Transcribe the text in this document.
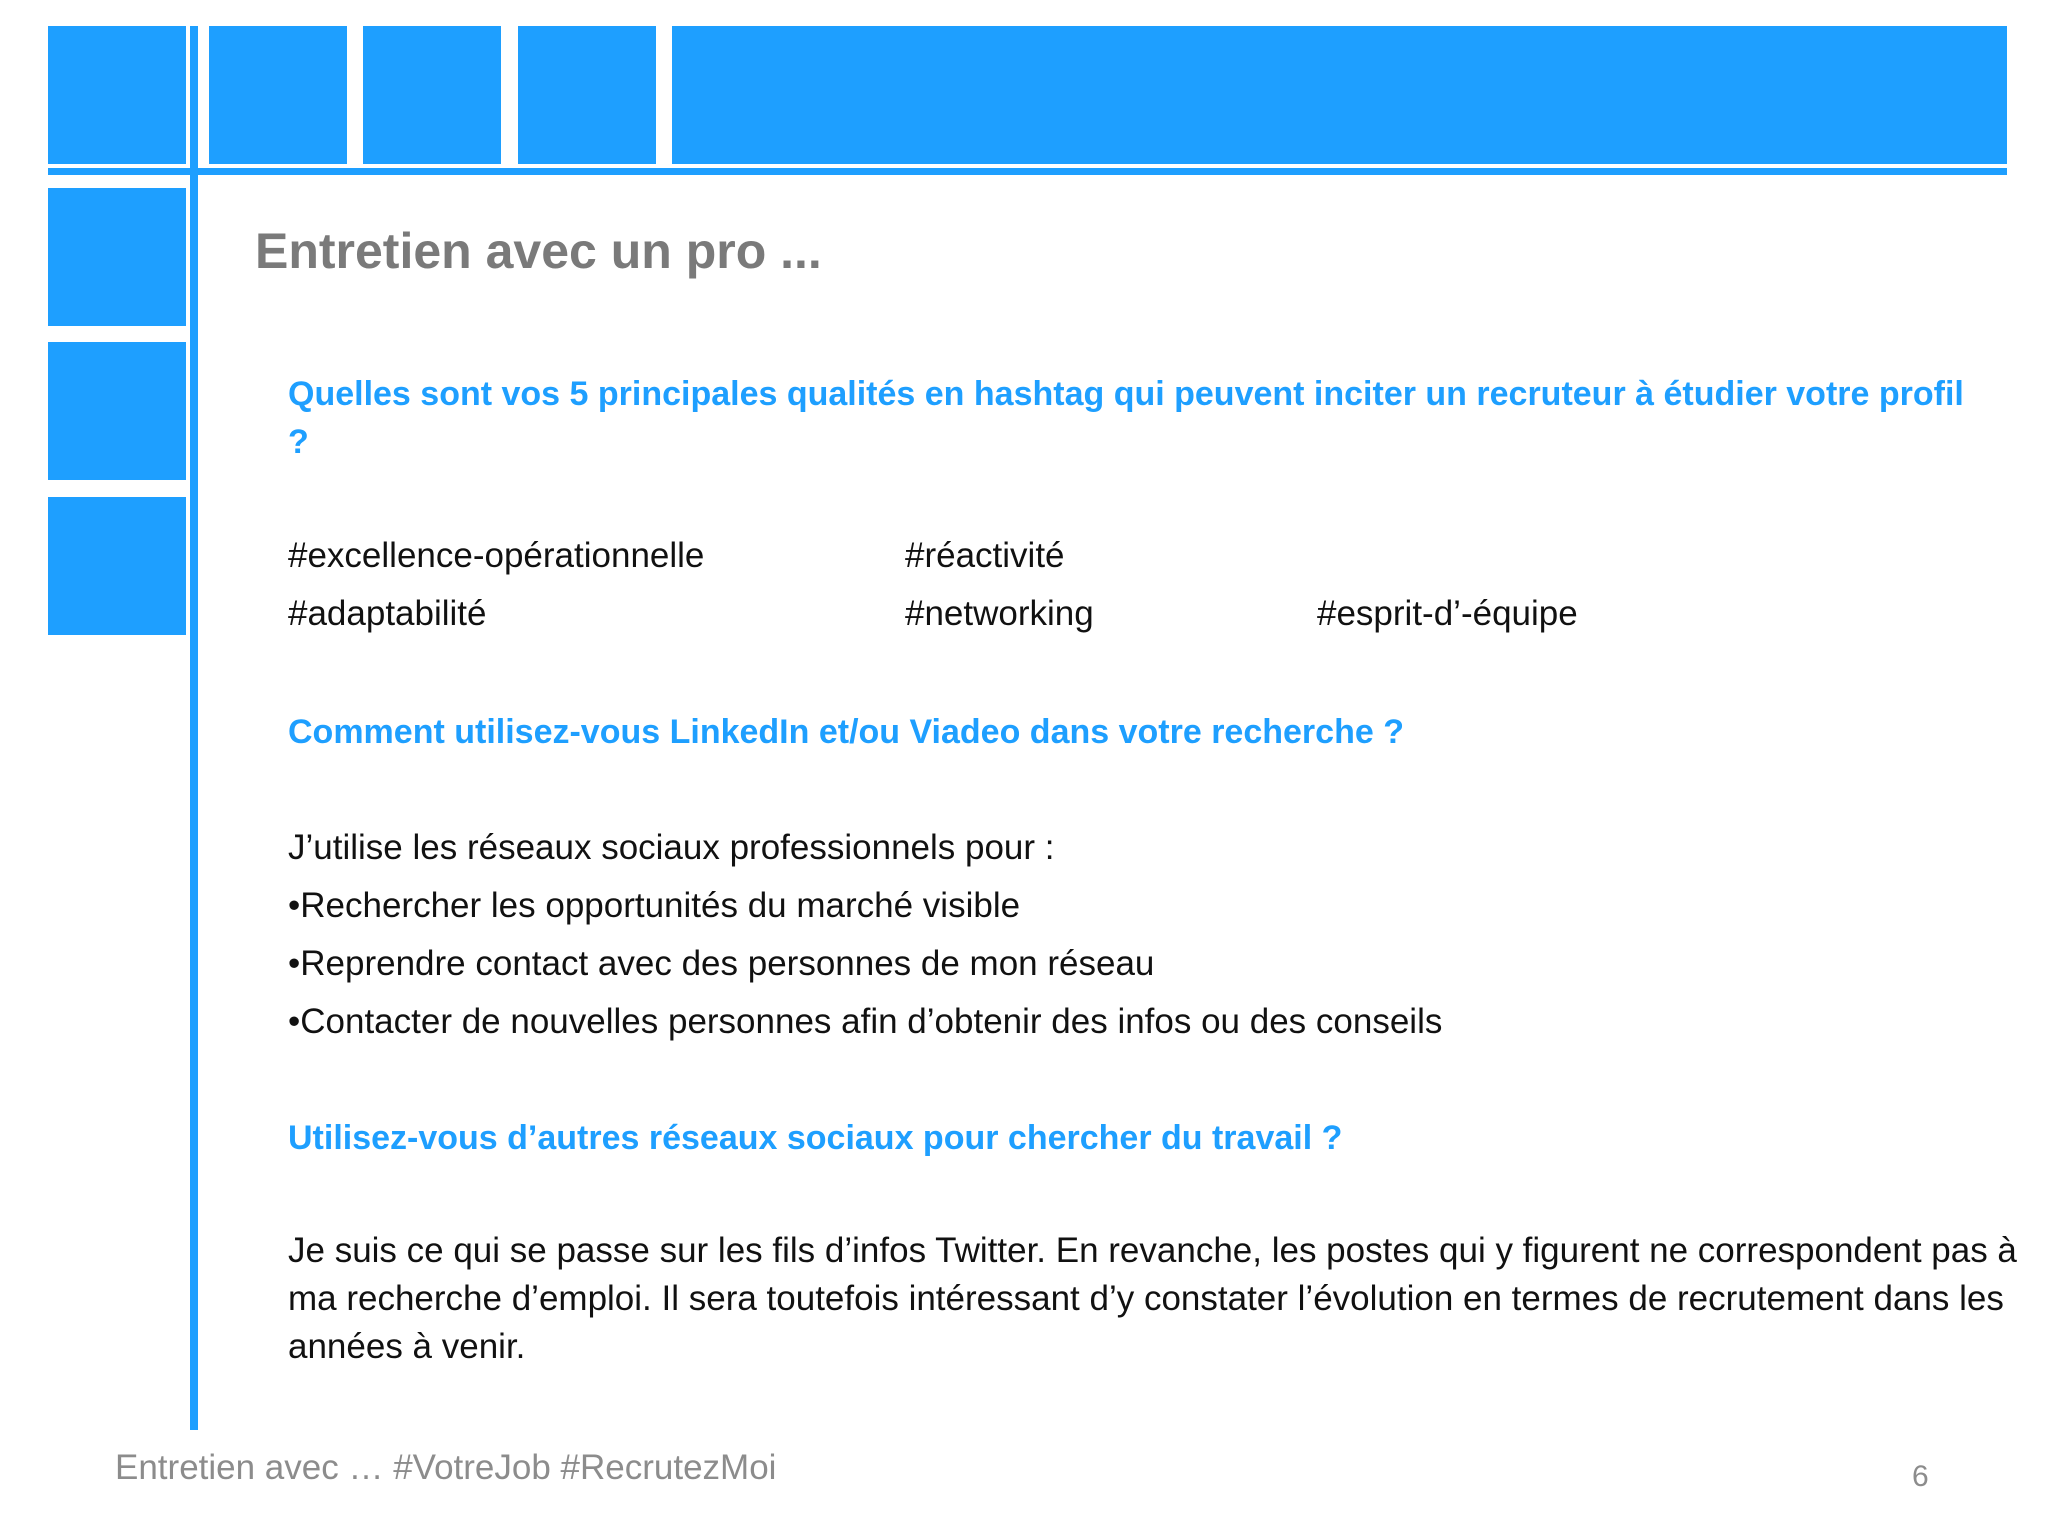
Entretien avec un pro ...
Quelles sont vos 5 principales qualités en hashtag qui peuvent inciter un recruteur à étudier votre profil ?
#excellence-opérationnelle	#réactivité
#adaptabilité	#networking	#esprit-d’-équipe
Comment utilisez-vous LinkedIn et/ou Viadeo dans votre recherche ?
J’utilise les réseaux sociaux professionnels pour :
•Rechercher les opportunités du marché visible
•Reprendre contact avec des personnes de mon réseau
•Contacter de nouvelles personnes afin d’obtenir des infos ou des conseils
Utilisez-vous d’autres réseaux sociaux pour chercher du travail ?
Je suis ce qui se passe sur les fils d’infos Twitter. En revanche, les postes qui y figurent ne correspondent pas à ma recherche d’emploi. Il sera toutefois intéressant d’y constater l’évolution en termes de recrutement dans les années à venir.
Entretien avec … #VotreJob #RecrutezMoi	6
